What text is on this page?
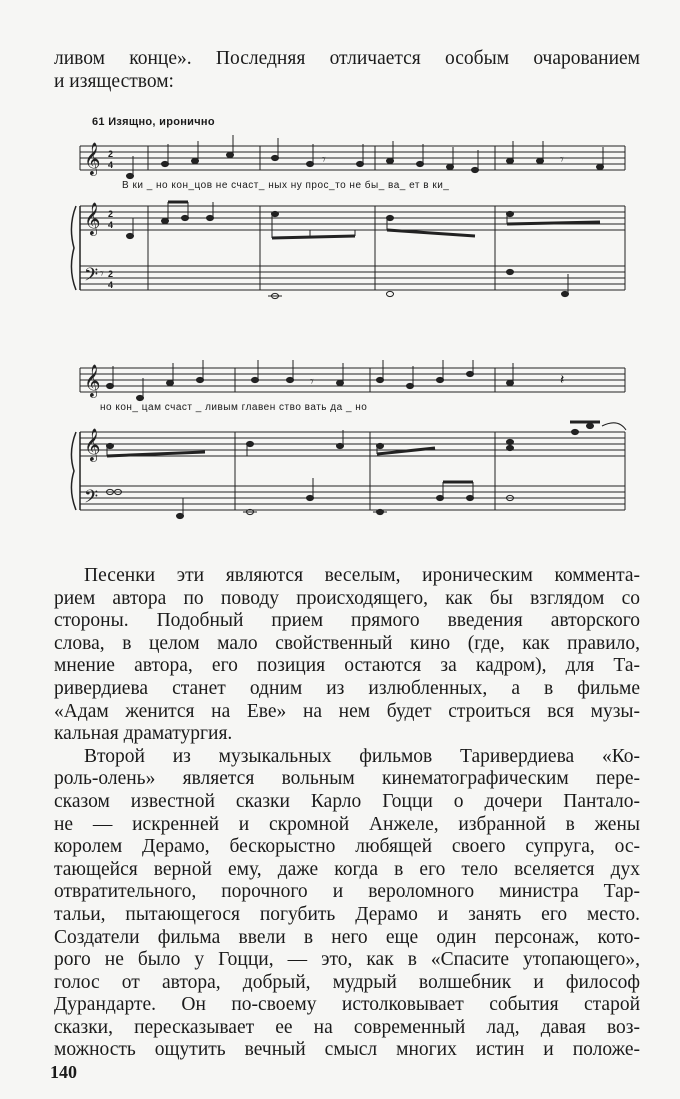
ливом конце». Последняя отличается особым очарованием
и изяществом:
61 Изящно, иронично
𝄞
𝄞
𝄢
2
4
2
4
2
4
𝄾
𝄾	𝄾
В ки _ но кон_цов не счаст_ ных ну прос_то не бы_ ва_ ет в ки_
𝄞
𝄞
𝄢
𝄾	𝄽
но кон_ цам счаст _ ливым главен ство вать да _ но
Песенки эти являются веселым, ироническим коммента-
рием автора по поводу происходящего, как бы взглядом со
стороны. Подобный прием прямого введения авторского
слова, в целом мало свойственный кино (где, как правило,
мнение автора, его позиция остаются за кадром), для Та-
ривердиева станет одним из излюбленных, а в фильме
«Адам женится на Еве» на нем будет строиться вся музы-
кальная драматургия.
Второй из музыкальных фильмов Таривердиева «Ко-
роль-олень» является вольным кинематографическим пере-
сказом известной сказки Карло Гоцци о дочери Панталo-
не — искренней и скромной Анжеле, избранной в жены
королем Дерамо, бескорыстно любящей своего супруга, ос-
тающейся верной ему, даже когда в его тело вселяется дух
отвратительного, порочного и вероломного министра Тар-
тальи, пытающегося погубить Дерамо и занять его место.
Создатели фильма ввели в него еще один персонаж, кото-
рого не было у Гоцци, — это, как в «Спасите утопающего»,
голос от автора, добрый, мудрый волшебник и философ
Дурандарте. Он по-своему истолковывает события старой
сказки, пересказывает ее на современный лад, давая воз-
можность ощутить вечный смысл многих истин и положе-
140
